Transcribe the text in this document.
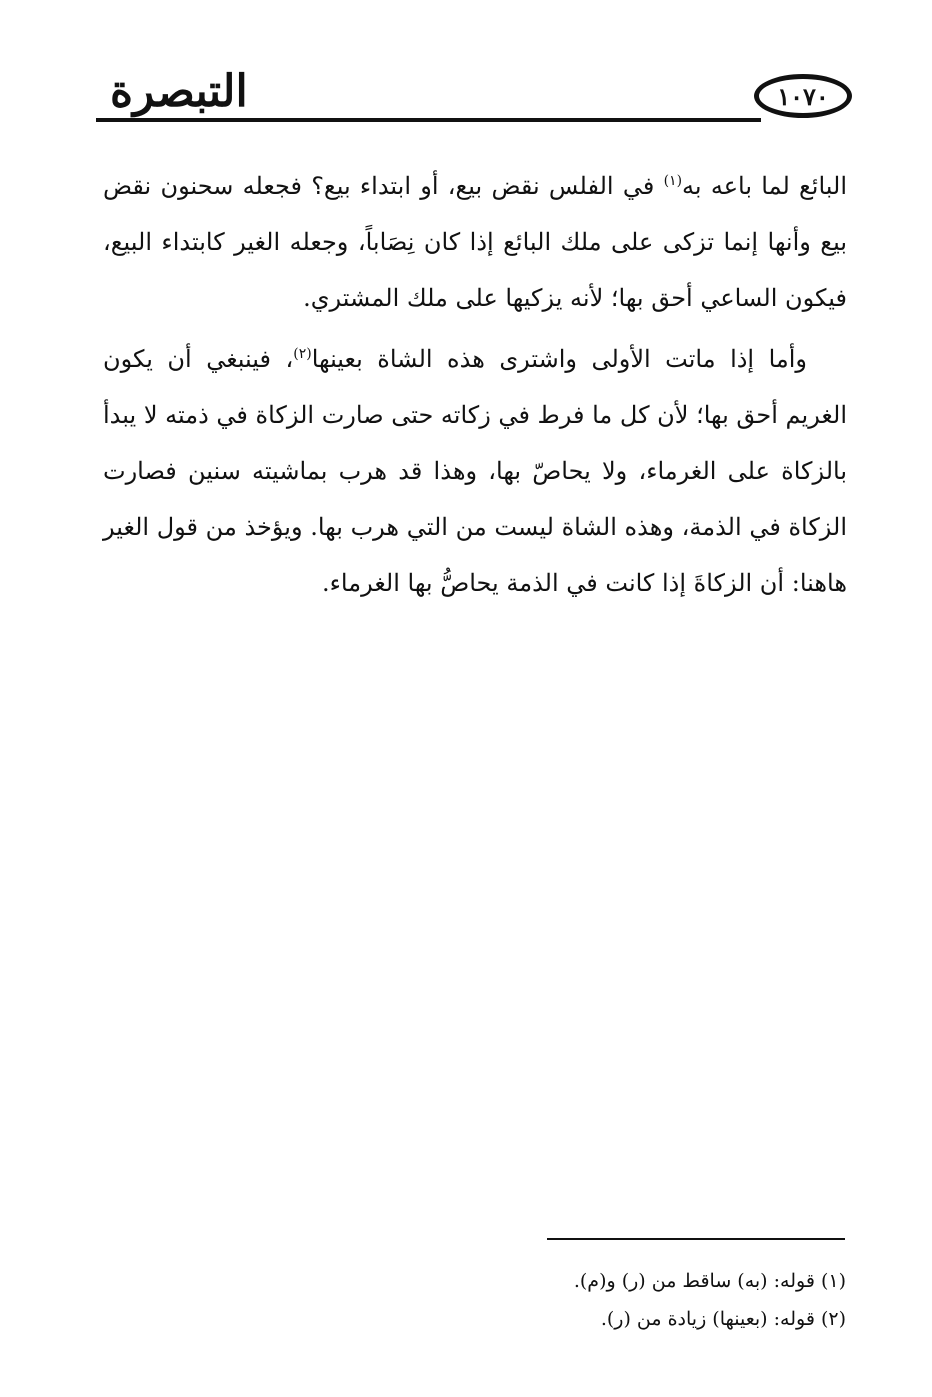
التبصرة	١٠٧٠

البائع لما باعه به$^{(١)}$ في الفلس نقض بيع، أو ابتداء بيع؟ فجعله سحنون نقض بيع وأنها إنما تزكى على ملك البائع إذا كان نِصَاباً، وجعله الغير كابتداء البيع، فيكون الساعي أحق بها؛ لأنه يزكيها على ملك المشتري.

وأما إذا ماتت الأولى واشترى هذه الشاة بعينها$^{(٢)}$، فينبغي أن يكون الغريم أحق بها؛ لأن كل ما فرط في زكاته حتى صارت الزكاة في ذمته لا يبدأ بالزكاة على الغرماء، ولا يحاصّ بها، وهذا قد هرب بماشيته سنين فصارت الزكاة في الذمة، وهذه الشاة ليست من التي هرب بها. ويؤخذ من قول الغير هاهنا: أن الزكاةَ إذا كانت في الذمة يحاصُّ بها الغرماء.

(١) قوله: (به) ساقط من (ر) و(م).

(٢) قوله: (بعينها) زيادة من (ر).
